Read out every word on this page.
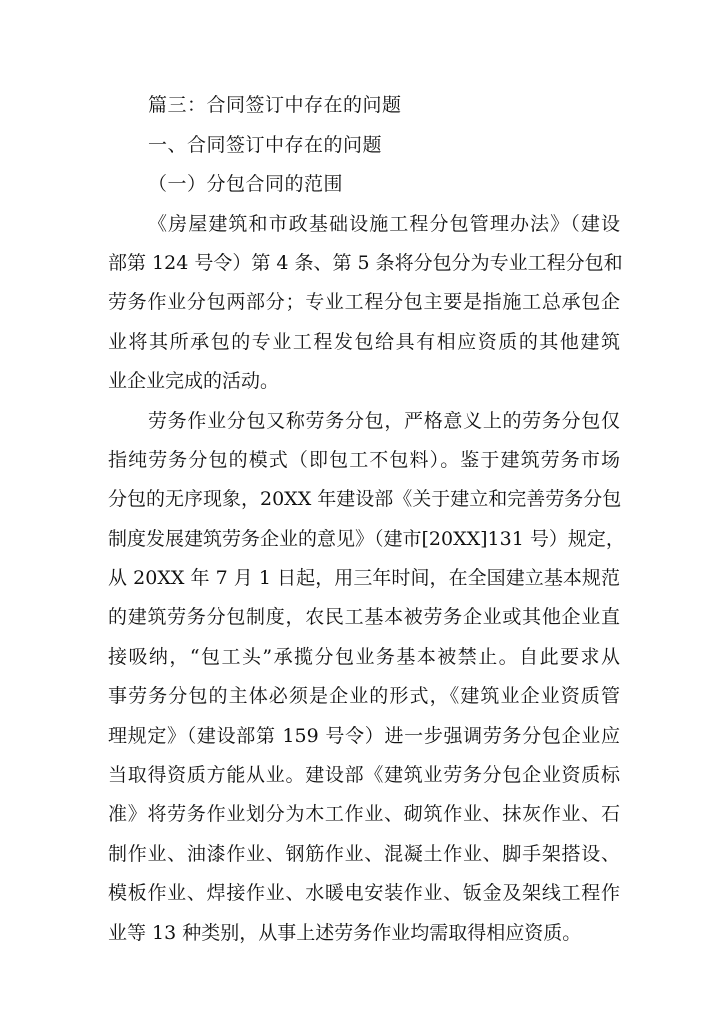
篇三：合同签订中存在的问题
一、合同签订中存在的问题
（一）分包合同的范围
《房屋建筑和市政基础设施工程分包管理办法》（建设
部第 124 号令）第 4 条、第 5 条将分包分为专业工程分包和
劳务作业分包两部分；专业工程分包主要是指施工总承包企
业将其所承包的专业工程发包给具有相应资质的其他建筑
业企业完成的活动。
劳务作业分包又称劳务分包，严格意义上的劳务分包仅
指纯劳务分包的模式（即包工不包料）。鉴于建筑劳务市场
分包的无序现象，20XX 年建设部《关于建立和完善劳务分包
制度发展建筑劳务企业的意见》（建市[20XX]131 号）规定，
从 20XX 年 7 月 1 日起，用三年时间，在全国建立基本规范
的建筑劳务分包制度，农民工基本被劳务企业或其他企业直
接吸纳，“包工头”承揽分包业务基本被禁止。自此要求从
事劳务分包的主体必须是企业的形式，《建筑业企业资质管
理规定》（建设部第 159 号令）进一步强调劳务分包企业应
当取得资质方能从业。建设部《建筑业劳务分包企业资质标
准》将劳务作业划分为木工作业、砌筑作业、抹灰作业、石
制作业、油漆作业、钢筋作业、混凝土作业、脚手架搭设、
模板作业、焊接作业、水暖电安装作业、钣金及架线工程作
业等 13 种类别，从事上述劳务作业均需取得相应资质。
